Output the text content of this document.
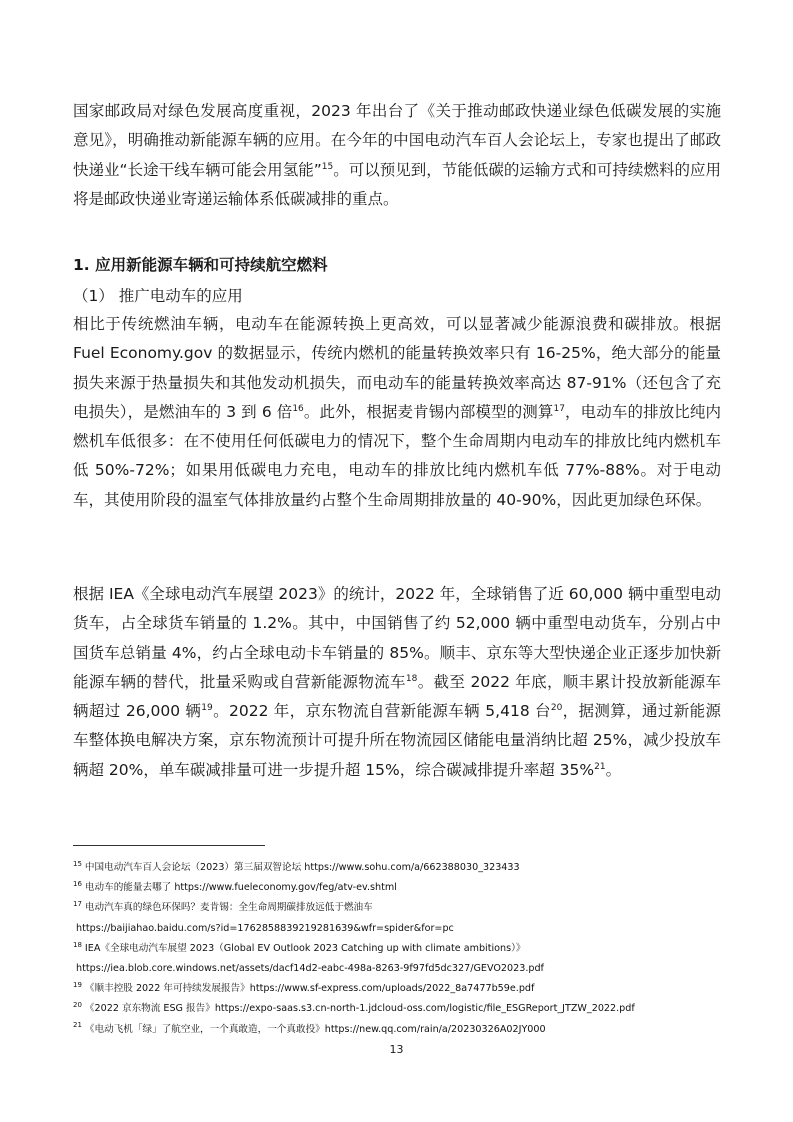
国家邮政局对绿色发展高度重视，2023 年出台了《关于推动邮政快递业绿色低碳发展的实施意见》，明确推动新能源车辆的应用。在今年的中国电动汽车百人会论坛上，专家也提出了邮政快递业“长途干线车辆可能会用氢能”$^{15}$。可以预见到，节能低碳的运输方式和可持续燃料的应用将是邮政快递业寄递运输体系低碳减排的重点。

1. 应用新能源车辆和可持续航空燃料

（1） 推广电动车的应用

相比于传统燃油车辆，电动车在能源转换上更高效，可以显著减少能源浪费和碳排放。根据 Fuel Economy.gov 的数据显示，传统内燃机的能量转换效率只有 16-25%，绝大部分的能量损失来源于热量损失和其他发动机损失，而电动车的能量转换效率高达 87-91%（还包含了充电损失），是燃油车的 3 到 6 倍$^{16}$。此外，根据麦肯锡内部模型的测算$^{17}$，电动车的排放比纯内燃机车低很多：在不使用任何低碳电力的情况下，整个生命周期内电动车的排放比纯内燃机车低 50%-72%；如果用低碳电力充电，电动车的排放比纯内燃机车低 77%-88%。对于电动车，其使用阶段的温室气体排放量约占整个生命周期排放量的 40-90%，因此更加绿色环保。

根据 IEA《全球电动汽车展望 2023》的统计，2022 年，全球销售了近 60,000 辆中重型电动货车，占全球货车销量的 1.2%。其中，中国销售了约 52,000 辆中重型电动货车，分别占中国货车总销量 4%，约占全球电动卡车销量的 85%。顺丰、京东等大型快递企业正逐步加快新能源车辆的替代，批量采购或自营新能源物流车$^{18}$。截至 2022 年底，顺丰累计投放新能源车辆超过 26,000 辆$^{19}$。2022 年，京东物流自营新能源车辆 5,418 台$^{20}$，据测算，通过新能源车整体换电解决方案，京东物流预计可提升所在物流园区储能电量消纳比超 25%，减少投放车辆超 20%，单车碳减排量可进一步提升超 15%，综合碳减排提升率超 35%$^{21}$。

$^{15}$ 中国电动汽车百人会论坛（2023）第三届双智论坛 https://www.sohu.com/a/662388030_323433

$^{16}$ 电动车的能量去哪了 https://www.fueleconomy.gov/feg/atv-ev.shtml

$^{17}$ 电动汽车真的绿色环保吗？麦肯锡：全生命周期碳排放远低于燃油车

https://baijiahao.baidu.com/s?id=1762858839219281639&wfr=spider&for=pc

$^{18}$ IEA《全球电动汽车展望 2023（Global EV Outlook 2023 Catching up with climate ambitions）》

https://iea.blob.core.windows.net/assets/dacf14d2-eabc-498a-8263-9f97fd5dc327/GEVO2023.pdf

$^{19}$ 《顺丰控股 2022 年可持续发展报告》https://www.sf-express.com/uploads/2022_8a7477b59e.pdf

$^{20}$ 《2022 京东物流 ESG 报告》https://expo-saas.s3.cn-north-1.jdcloud-oss.com/logistic/file_ESGReport_JTZW_2022.pdf

$^{21}$ 《电动飞机「绿」了航空业，一个真敢造，一个真敢投》https://new.qq.com/rain/a/20230326A02JY000

13
